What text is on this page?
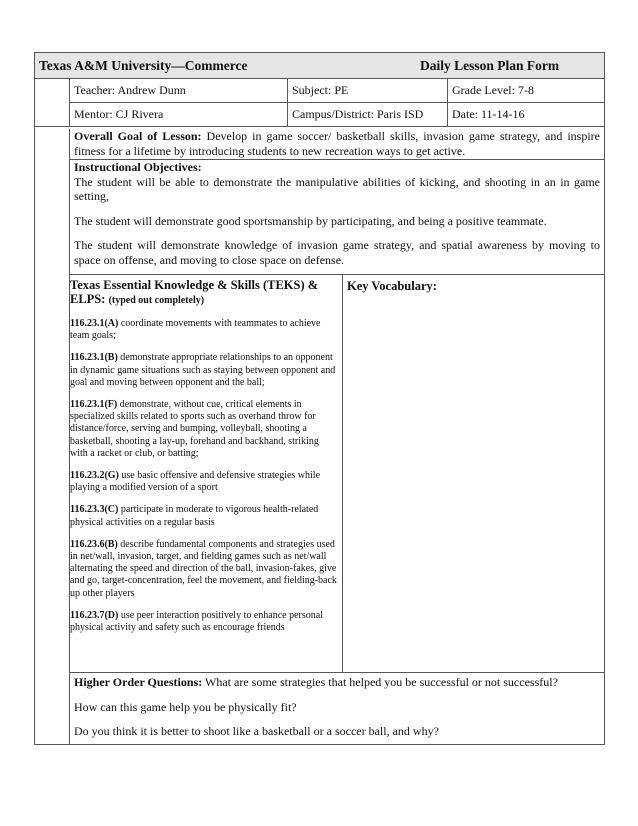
Texas A&M University—Commerce	Daily Lesson Plan Form
Teacher: Andrew Dunn	Subject: PE	Grade Level: 7-8
Mentor: CJ Rivera	Campus/District: Paris ISD	Date: 11-14-16

Overall Goal of Lesson: Develop in game soccer/ basketball skills, invasion game strategy, and inspire fitness for a lifetime by introducing students to new recreation ways to get active.

Instructional Objectives:

The student will be able to demonstrate the manipulative abilities of kicking, and shooting in an in game setting,

The student will demonstrate good sportsmanship by participating, and being a positive teammate.

The student will demonstrate knowledge of invasion game strategy, and spatial awareness by moving to space on offense, and moving to close space on defense.

Texas Essential Knowledge & Skills (TEKS) & ELPS: (typed out completely)

116.23.1(A) coordinate movements with teammates to achieve team goals;

116.23.1(B) demonstrate appropriate relationships to an opponent in dynamic game situations such as staying between opponent and goal and moving between opponent and the ball;

116.23.1(F) demonstrate, without cue, critical elements in specialized skills related to sports such as overhand throw for distance/force, serving and bumping, volleyball, shooting a basketball, shooting a lay-up, forehand and backhand, striking with a racket or club, or batting;

116.23.2(G) use basic offensive and defensive strategies while playing a modified version of a sport

116.23.3(C) participate in moderate to vigorous health-related physical activities on a regular basis

116.23.6(B) describe fundamental components and strategies used in net/wall, invasion, target, and fielding games such as net/wall alternating the speed and direction of the ball, invasion-fakes, give and go, target-concentration, feel the movement, and fielding-back up other players

116.23.7(D) use peer interaction positively to enhance personal physical activity and safety such as encourage friends

Key Vocabulary:

Higher Order Questions: What are some strategies that helped you be successful or not successful?

How can this game help you be physically fit?

Do you think it is better to shoot like a basketball or a soccer ball, and why?
